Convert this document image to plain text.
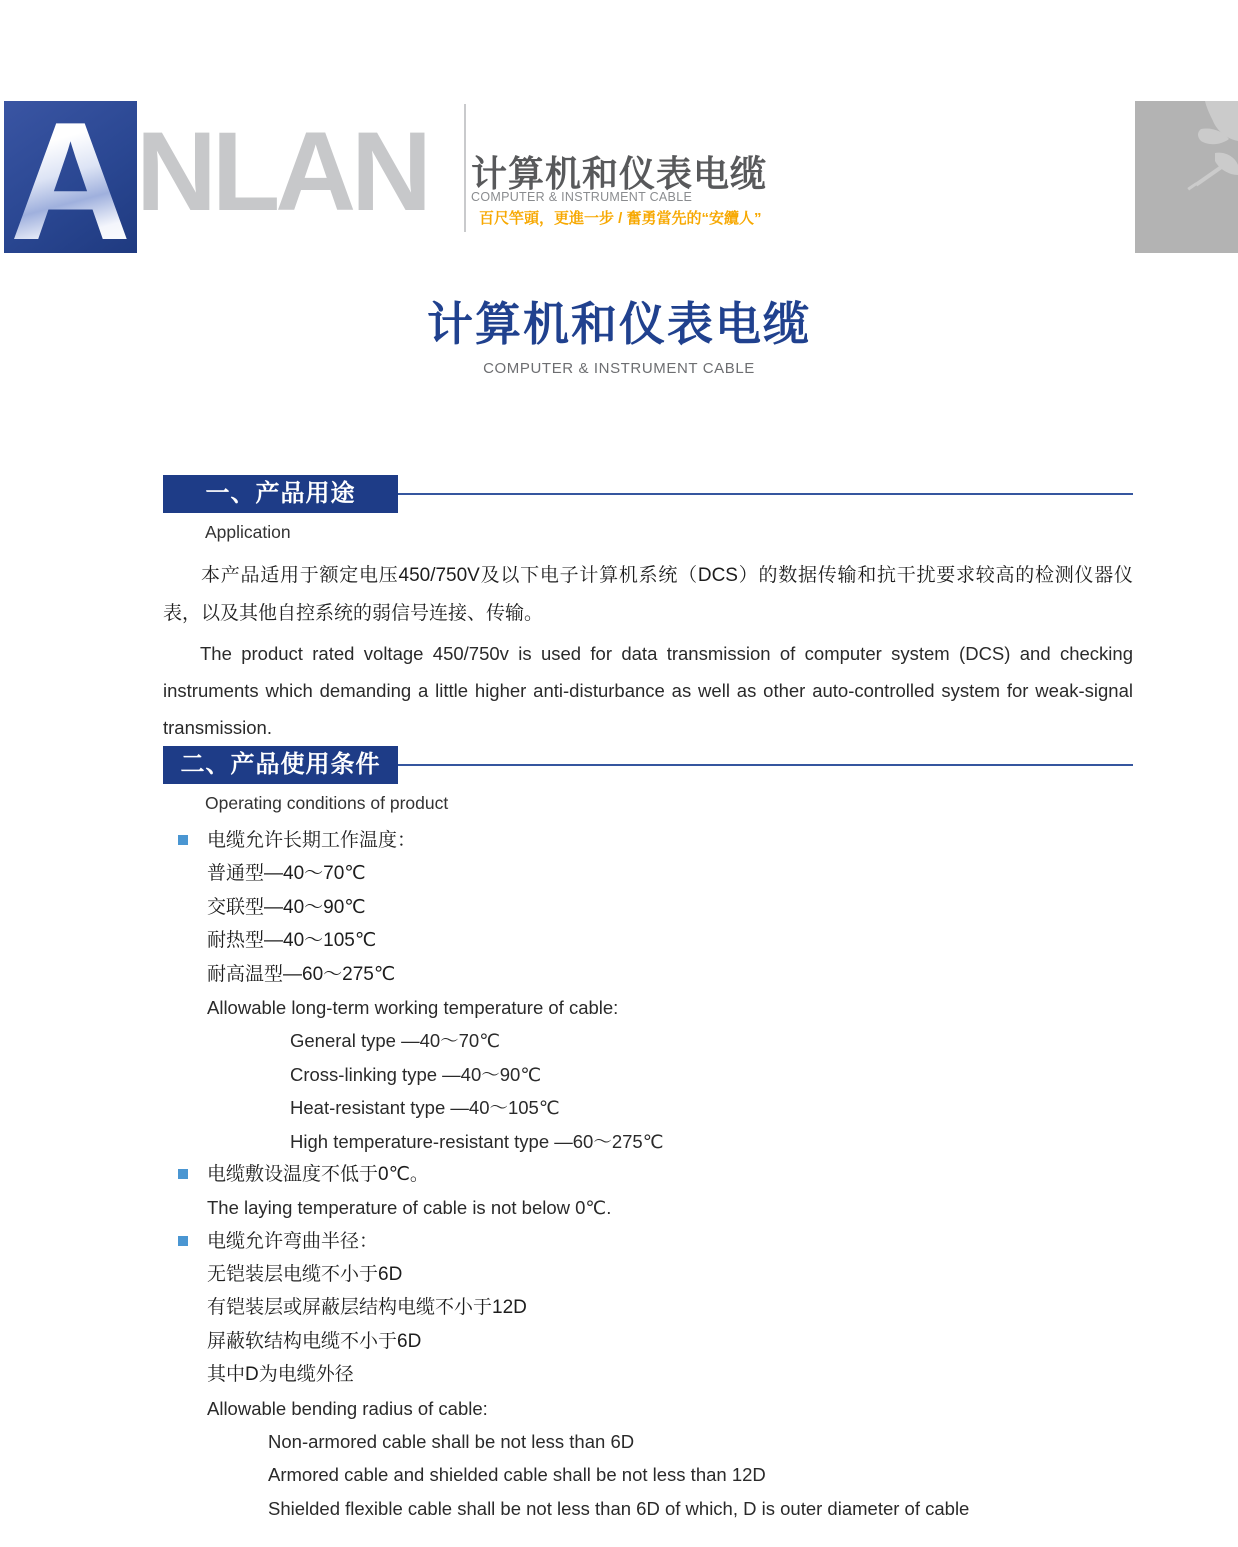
A NLAN 计算机和仪表电缆
COMPUTER & INSTRUMENT CABLE
百尺竿頭，更進一步 / 奮勇當先的“安纜人”
计算机和仪表电缆
COMPUTER & INSTRUMENT CABLE
一、产品用途
Application

本产品适用于额定电压450/750V及以下电子计算机系统（DCS）的数据传输和抗干扰要求较高的检测仪器仪表，以及其他自控系统的弱信号连接、传输。

The product rated voltage 450/750v is used for data transmission of computer system (DCS) and checking instruments which demanding a little higher anti-disturbance as well as other auto-controlled system for weak-signal transmission.

二、产品使用条件
Operating conditions of product
电缆允许长期工作温度：
普通型—40～70℃
交联型—40～90℃
耐热型—40～105℃
耐高温型—60～275℃
Allowable long-term working temperature of cable:
General type —40～70℃
Cross-linking type —40～90℃
Heat-resistant type —40～105℃
High temperature-resistant type —60～275℃
电缆敷设温度不低于0℃。
The laying temperature of cable is not below 0℃.
电缆允许弯曲半径：
无铠装层电缆不小于6D
有铠装层或屏蔽层结构电缆不小于12D
屏蔽软结构电缆不小于6D
其中D为电缆外径
Allowable bending radius of cable:
Non-armored cable shall be not less than 6D
Armored cable and shielded cable shall be not less than 12D
Shielded flexible cable shall be not less than 6D of which, D is outer diameter of cable
